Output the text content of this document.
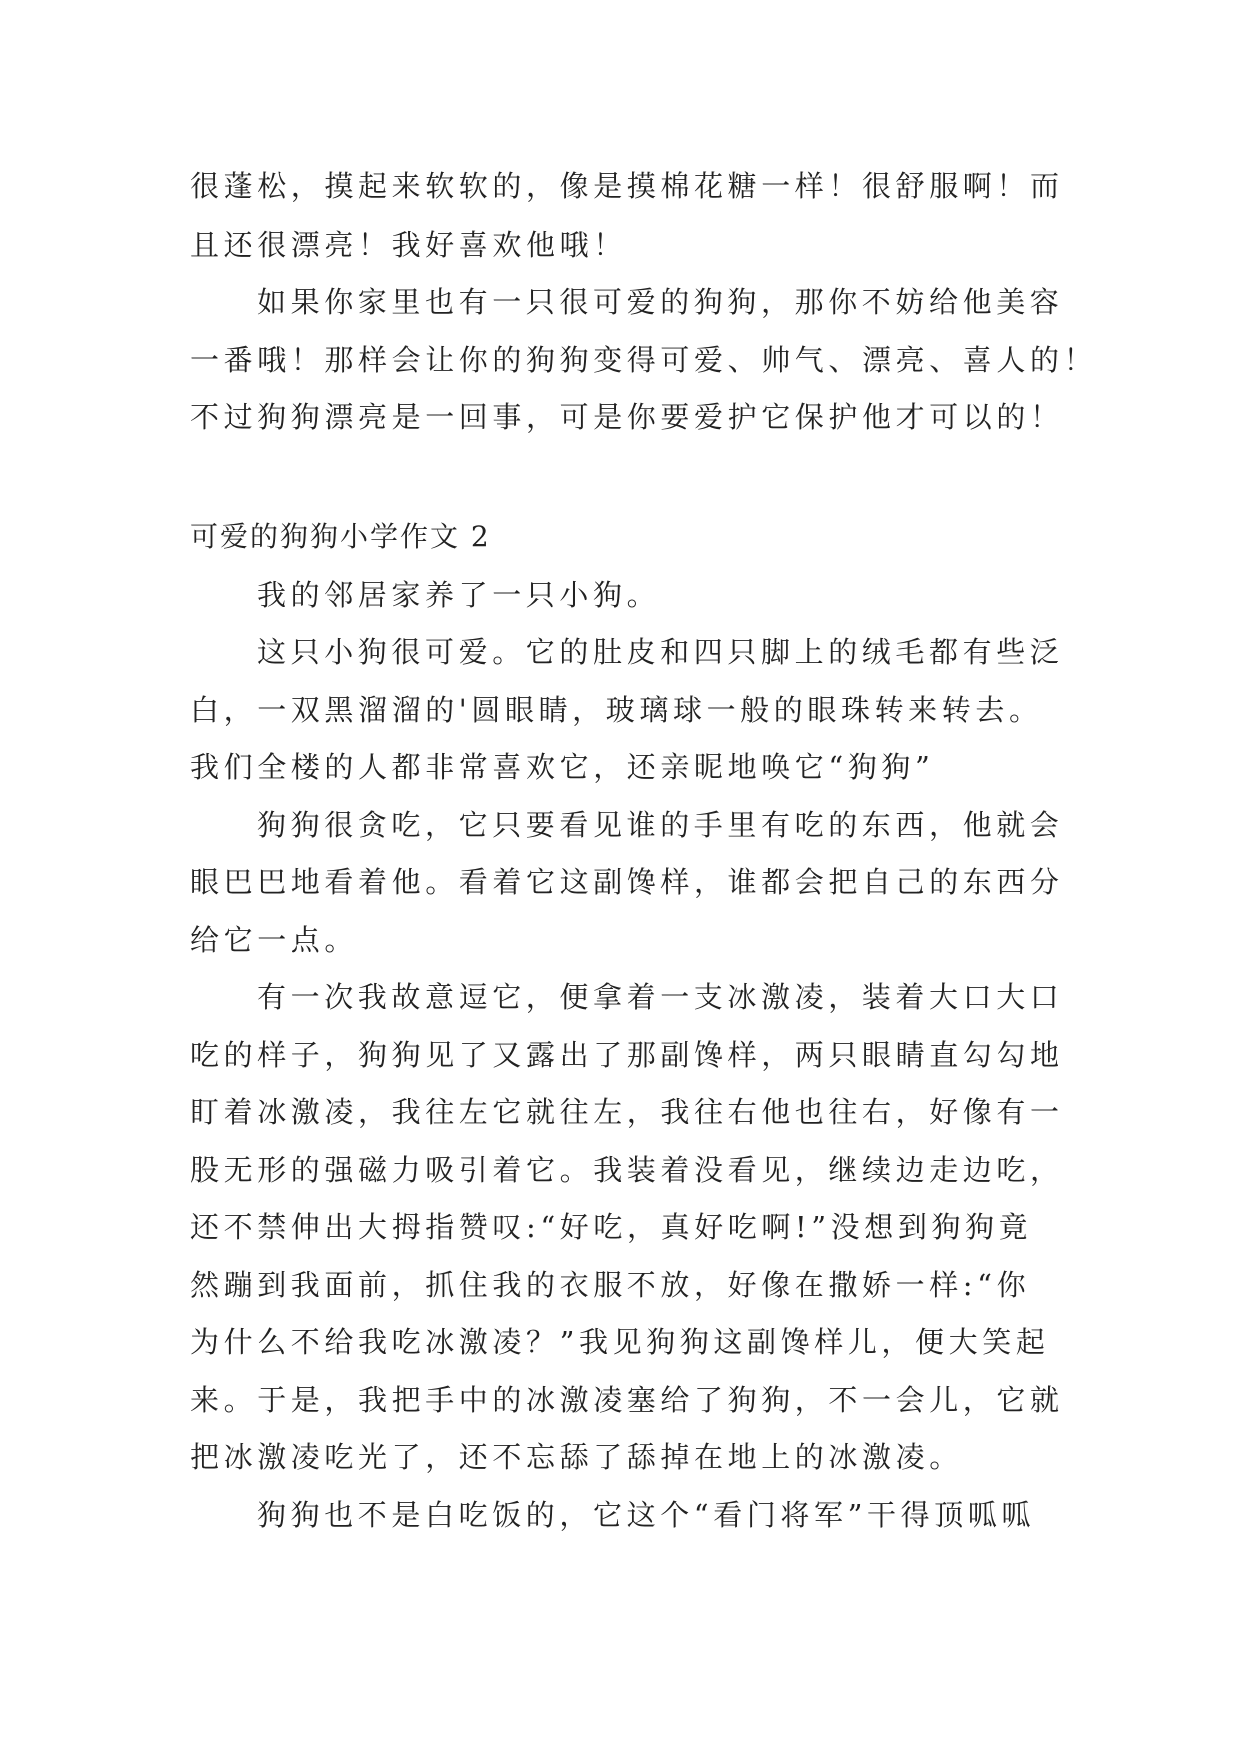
很蓬松，摸起来软软的，像是摸棉花糖一样！很舒服啊！而
且还很漂亮！我好喜欢他哦！
如果你家里也有一只很可爱的狗狗，那你不妨给他美容
一番哦！那样会让你的狗狗变得可爱、帅气、漂亮、喜人的！
不过狗狗漂亮是一回事，可是你要爱护它保护他才可以的！
可爱的狗狗小学作文 2
我的邻居家养了一只小狗。
这只小狗很可爱。它的肚皮和四只脚上的绒毛都有些泛
白，一双黑溜溜的'圆眼睛，玻璃球一般的眼珠转来转去。
我们全楼的人都非常喜欢它，还亲昵地唤它“狗狗”
狗狗很贪吃，它只要看见谁的手里有吃的东西，他就会
眼巴巴地看着他。看着它这副馋样，谁都会把自己的东西分
给它一点。
有一次我故意逗它，便拿着一支冰激凌，装着大口大口
吃的样子，狗狗见了又露出了那副馋样，两只眼睛直勾勾地
盯着冰激凌，我往左它就往左，我往右他也往右，好像有一
股无形的强磁力吸引着它。我装着没看见，继续边走边吃，
还不禁伸出大拇指赞叹:“好吃，真好吃啊!”没想到狗狗竟
然蹦到我面前，抓住我的衣服不放，好像在撒娇一样:“你
为什么不给我吃冰激凌？”我见狗狗这副馋样儿，便大笑起
来。于是，我把手中的冰激凌塞给了狗狗，不一会儿，它就
把冰激凌吃光了，还不忘舔了舔掉在地上的冰激凌。
狗狗也不是白吃饭的，它这个“看门将军”干得顶呱呱
